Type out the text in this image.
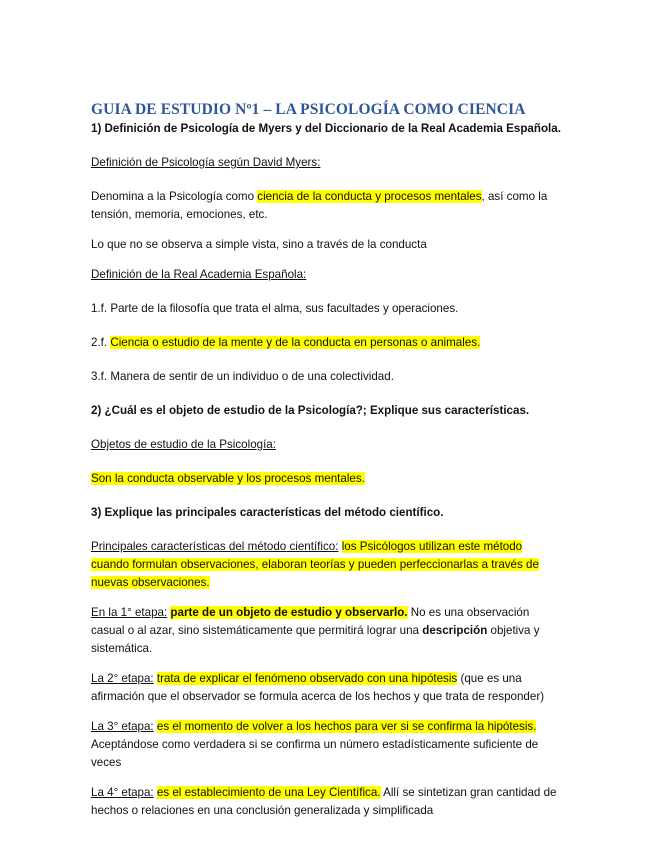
GUIA DE ESTUDIO Nº1 – LA PSICOLOGÍA COMO CIENCIA

1) Definición de Psicología de Myers y del Diccionario de la Real Academia Española.

Definición de Psicología según David Myers:

Denomina a la Psicología como ciencia de la conducta y procesos mentales, así como la tensión, memoria, emociones, etc.

Lo que no se observa a simple vista, sino a través de la conducta

Definición de la Real Academia Española:

1.f. Parte de la filosofía que trata el alma, sus facultades y operaciones.

2.f. Ciencia o estudio de la mente y de la conducta en personas o animales.

3.f. Manera de sentir de un individuo o de una colectividad.

2) ¿Cuál es el objeto de estudio de la Psicología?; Explique sus características.

Objetos de estudio de la Psicología:

Son la conducta observable y los procesos mentales.

3) Explique las principales características del método científico.

Principales características del método científico: los Psicólogos utilizan este método cuando formulan observaciones, elaboran teorías y pueden perfeccionarlas a través de nuevas observaciones.

En la 1° etapa: parte de un objeto de estudio y observarlo. No es una observación casual o al azar, sino sistemáticamente que permitirá lograr una descripción objetiva y sistemática.

La 2° etapa: trata de explicar el fenómeno observado con una hipótesis (que es una afirmación que el observador se formula acerca de los hechos y que trata de responder)

La 3° etapa: es el momento de volver a los hechos para ver si se confirma la hipótesis. Aceptándose como verdadera si se confirma un número estadísticamente suficiente de veces

La 4° etapa: es el establecimiento de una Ley Científica. Allí se sintetizan gran cantidad de hechos o relaciones en una conclusión generalizada y simplificada
